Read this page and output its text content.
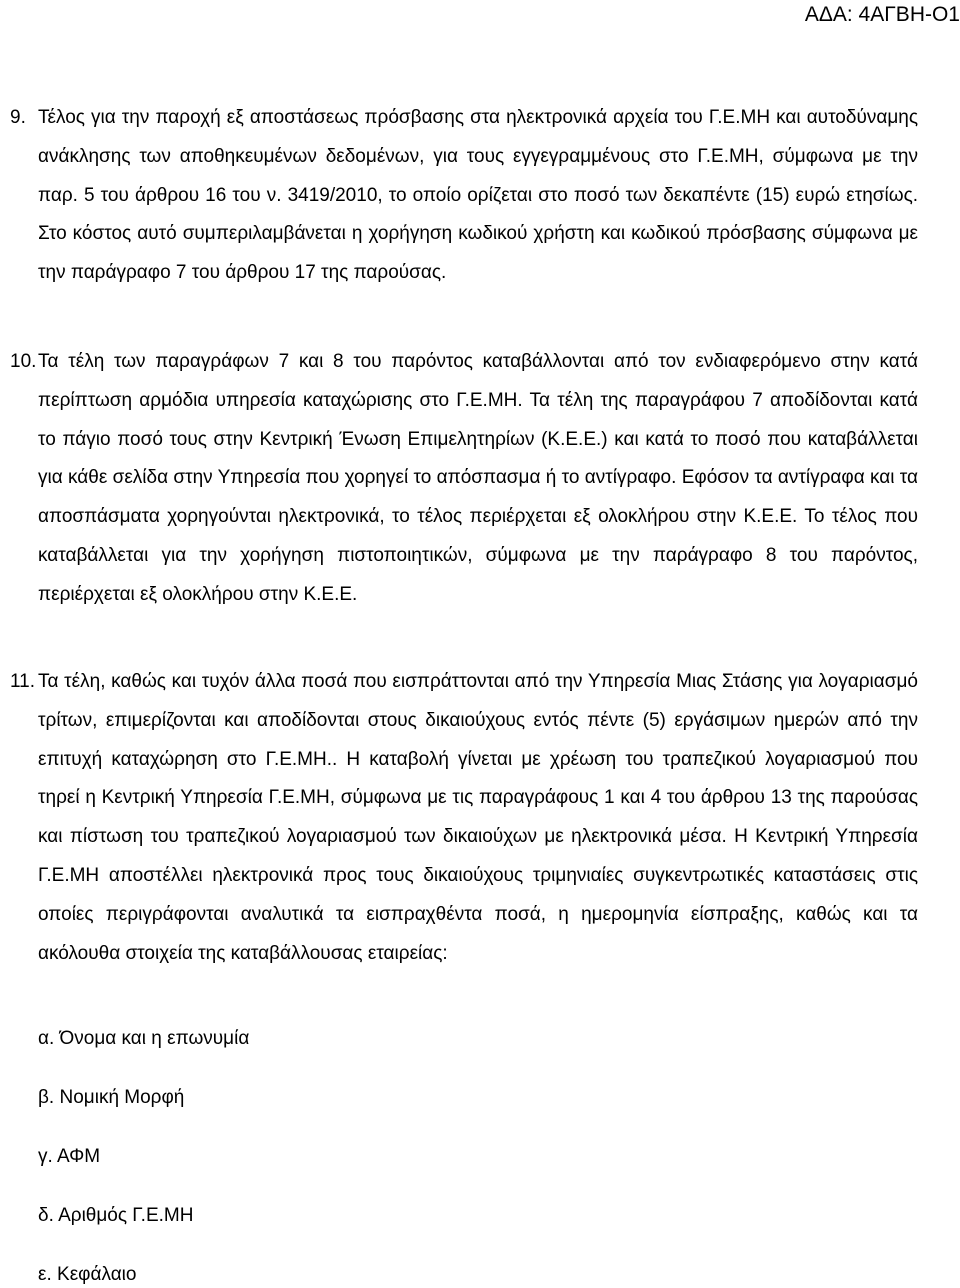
ΑΔΑ: 4ΑΓΒΗ-Ο1

9. Τέλος για την παροχή εξ αποστάσεως πρόσβασης στα ηλεκτρονικά αρχεία του Γ.Ε.ΜΗ και αυτοδύναμης ανάκλησης των αποθηκευμένων δεδομένων, για τους εγγεγραμμένους στο Γ.Ε.ΜΗ, σύμφωνα με την παρ. 5 του άρθρου 16 του ν. 3419/2010, το οποίο ορίζεται στο ποσό των δεκαπέντε (15) ευρώ ετησίως. Στο κόστος αυτό συμπεριλαμβάνεται η χορήγηση κωδικού χρήστη και κωδικού πρόσβασης σύμφωνα με την παράγραφο 7 του άρθρου 17 της παρούσας.

10.Τα τέλη των παραγράφων 7 και 8 του παρόντος καταβάλλονται από τον ενδιαφερόμενο στην κατά περίπτωση αρμόδια υπηρεσία καταχώρισης στο Γ.Ε.ΜΗ. Τα τέλη της παραγράφου 7 αποδίδονται κατά το πάγιο ποσό τους στην Κεντρική Ένωση Επιμελητηρίων (Κ.Ε.Ε.) και κατά το ποσό που καταβάλλεται για κάθε σελίδα στην Υπηρεσία που χορηγεί το απόσπασμα ή το αντίγραφο. Εφόσον τα αντίγραφα και τα αποσπάσματα χορηγούνται ηλεκτρονικά, το τέλος περιέρχεται εξ ολοκλήρου στην Κ.Ε.Ε. Το τέλος που καταβάλλεται για την χορήγηση πιστοποιητικών, σύμφωνα με την παράγραφο 8 του παρόντος, περιέρχεται εξ ολοκλήρου στην Κ.Ε.Ε.

11. Τα τέλη, καθώς και τυχόν άλλα ποσά που εισπράττονται από την Υπηρεσία Μιας Στάσης για λογαριασμό τρίτων, επιμερίζονται και αποδίδονται στους δικαιούχους εντός πέντε (5) εργάσιμων ημερών από την επιτυχή καταχώρηση στο Γ.Ε.ΜΗ.. Η καταβολή γίνεται με χρέωση του τραπεζικού λογαριασμού που τηρεί η Κεντρική Υπηρεσία Γ.Ε.ΜΗ, σύμφωνα με τις παραγράφους 1 και 4 του άρθρου 13 της παρούσας και πίστωση του τραπεζικού λογαριασμού των δικαιούχων με ηλεκτρονικά μέσα. Η Κεντρική Υπηρεσία Γ.Ε.ΜΗ αποστέλλει ηλεκτρονικά προς τους δικαιούχους τριμηνιαίες συγκεντρωτικές καταστάσεις στις οποίες περιγράφονται αναλυτικά τα εισπραχθέντα ποσά, η ημερομηνία είσπραξης, καθώς και τα ακόλουθα στοιχεία της καταβάλλουσας εταιρείας:

α. Όνομα και η επωνυμία

β. Νομική Μορφή

γ. ΑΦΜ

δ. Αριθμός Γ.Ε.ΜΗ

ε. Κεφάλαιο
